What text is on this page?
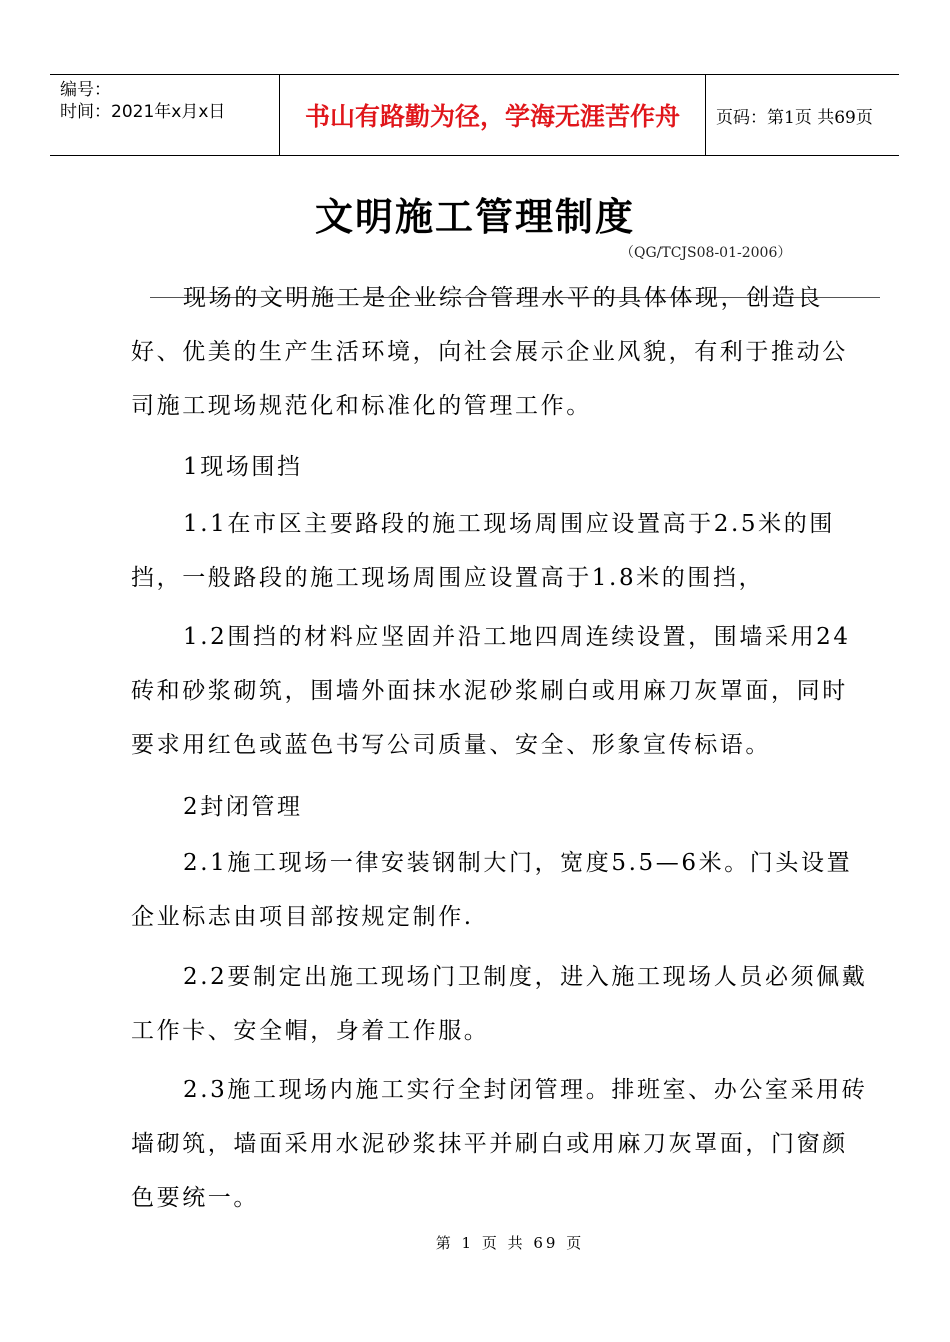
编号：
时间：2021年x月x日	书山有路勤为径，学海无涯苦作舟 页码：第1页 共69页
文明施工管理制度
（QG/TCJS08-01-2006）
现场的文明施工是企业综合管理水平的具体体现，创造良好、优美的生产生活环境，向社会展示企业风貌，有利于推动公司施工现场规范化和标准化的管理工作。
1现场围挡
1.1在市区主要路段的施工现场周围应设置高于2.5米的围挡，一般路段的施工现场周围应设置高于1.8米的围挡，
1.2围挡的材料应坚固并沿工地四周连续设置，围墙采用24砖和砂浆砌筑，围墙外面抹水泥砂浆刷白或用麻刀灰罩面，同时要求用红色或蓝色书写公司质量、安全、形象宣传标语。
2封闭管理
2.1施工现场一律安装钢制大门，宽度5.5—6米。门头设置企业标志由项目部按规定制作.
2.2要制定出施工现场门卫制度，进入施工现场人员必须佩戴工作卡、安全帽，身着工作服。
2.3施工现场内施工实行全封闭管理。排班室、办公室采用砖墙砌筑，墙面采用水泥砂浆抹平并刷白或用麻刀灰罩面，门窗颜色要统一。
第 1 页 共 69 页
